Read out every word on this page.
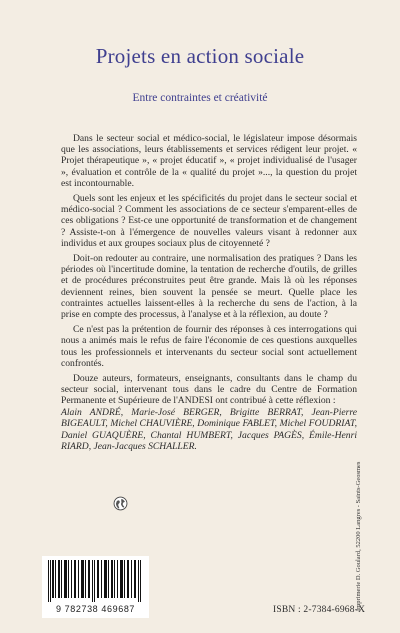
Projets en action sociale
Entre contraintes et créativité

Dans le secteur social et médico-social, le législateur impose désormais que les associations, leurs établissements et services rédigent leur projet. « Projet thérapeutique », « projet éducatif », « projet individualisé de l'usager », évaluation et contrôle de la « qualité du projet »..., la question du projet est incontournable.

Quels sont les enjeux et les spécificités du projet dans le secteur social et médico-social ? Comment les associations de ce secteur s'emparent-elles de ces obligations ? Est-ce une opportunité de transformation et de changement ? Assiste-t-on à l'émergence de nouvelles valeurs visant à redonner aux individus et aux groupes sociaux plus de citoyenneté ?

Doit-on redouter au contraire, une normalisation des pratiques ? Dans les périodes où l'incertitude domine, la tentation de recherche d'outils, de grilles et de procédures préconstruites peut être grande. Mais là où les réponses deviennent reines, bien souvent la pensée se meurt. Quelle place les contraintes actuelles laissent-elles à la recherche du sens de l'action, à la prise en compte des processus, à l'analyse et à la réflexion, au doute ?

Ce n'est pas la prétention de fournir des réponses à ces interrogations qui nous a animés mais le refus de faire l'économie de ces questions auxquelles tous les professionnels et intervenants du secteur social sont actuellement confrontés.

Douze auteurs, formateurs, enseignants, consultants dans le champ du secteur social, intervenant tous dans le cadre du Centre de Formation Permanente et Supérieure de l'ANDESI ont contribué à cette réflexion :

Alain ANDRÉ, Marie-José BERGER, Brigitte BERRAT, Jean-Pierre BIGEAULT, Michel CHAUVIÈRE, Dominique FABLET, Michel FOUDRIAT, Daniel GUAQUÈRE, Chantal HUMBERT, Jacques PAGÈS, Émile-Henri RIARD, Jean-Jacques SCHALLER.
9 782738 469687	ISBN : 2-7384-6968-X
Imprimerie D. Goulard, 52200 Langres - Saints-Geosmes
